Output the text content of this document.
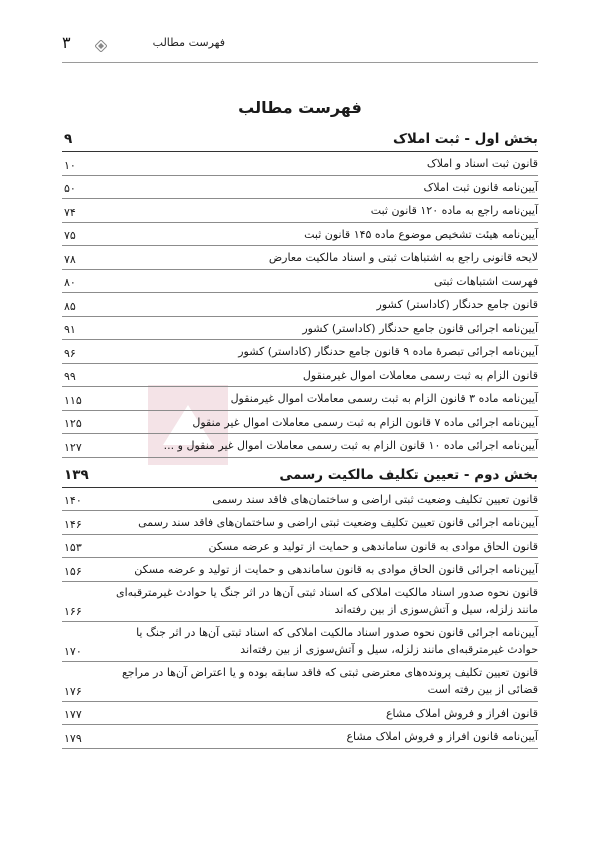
فهرست مطالب
۳
فهرست مطالب
بخش اول - ثبت املاک
۹
قانون ثبت اسناد و املاک
۱۰
آیین‌نامه قانون ثبت املاک
۵۰
آیین‌نامه راجع به ماده ۱۲۰ قانون ثبت
۷۴
آیین‌نامه هیئت تشخیص موضوع ماده ۱۴۵ قانون ثبت
۷۵
لایحه قانونی راجع به اشتباهات ثبتی و اسناد مالکیت معارض
۷۸
فهرست اشتباهات ثبتی
۸۰
قانون جامع حدنگار (کاداستر) کشور
۸۵
آیین‌نامه اجرائی قانون جامع حدنگار (کاداستر) کشور
۹۱
آیین‌نامه اجرائی تبصرهٔ ماده ۹ قانون جامع حدنگار (کاداستر) کشور
۹۶
قانون الزام به ثبت رسمی معاملات اموال غیرمنقول
۹۹
آیین‌نامه ماده ۳ قانون الزام به ثبت رسمی معاملات اموال غیرمنقول
۱۱۵
آیین‌نامه اجرائی ماده ۷ قانون الزام به ثبت رسمی معاملات اموال غیر منقول
۱۲۵
آیین‌نامه اجرائی ماده ۱۰ قانون الزام به ثبت رسمی معاملات اموال غیر منقول و ...
۱۲۷
بخش دوم - تعیین تکلیف مالکیت رسمی
۱۳۹
قانون تعیین تکلیف وضعیت ثبتی اراضی و ساختمان‌های فاقد سند رسمی
۱۴۰
آیین‌نامه اجرائی قانون تعیین تکلیف وضعیت ثبتی اراضی و ساختمان‌های فاقد سند رسمی
۱۴۶
قانون الحاق موادی به قانون ساماندهی و حمایت از تولید و عرضه مسکن
۱۵۳
آیین‌نامه اجرائی قانون الحاق موادی به قانون ساماندهی و حمایت از تولید و عرضه مسکن
۱۵۶
قانون نحوه صدور اسناد مالکیت املاکی که اسناد ثبتی آن‌ها در اثر جنگ یا حوادث غیرمترقبه‌ای مانند زلزله، سیل و آتش‌سوزی از بین رفته‌اند
۱۶۶
آیین‌نامه اجرائی قانون نحوه صدور اسناد مالکیت املاکی که اسناد ثبتی آن‌ها در اثر جنگ یا حوادث غیرمترقبه‌ای مانند زلزله، سیل و آتش‌سوزی از بین رفته‌اند
۱۷۰
قانون تعیین تکلیف پرونده‌های معترضی ثبتی که فاقد سابقه بوده و یا اعتراض آن‌ها در مراجع قضائی از بین رفته است
۱۷۶
قانون افراز و فروش املاک مشاع
۱۷۷
آیین‌نامه قانون افراز و فروش املاک مشاع
۱۷۹
